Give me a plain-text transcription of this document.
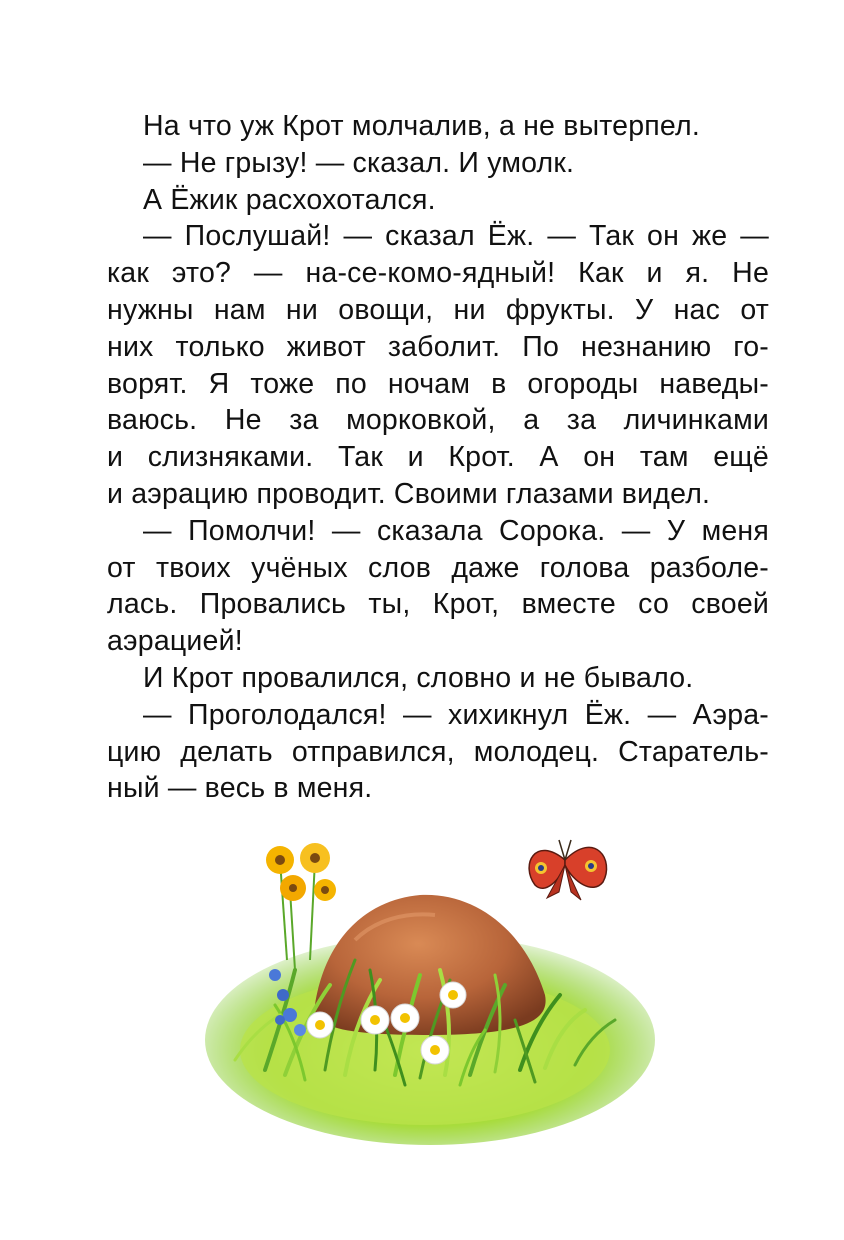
На что уж Крот молчалив, а не вытерпел.
— Не грызу! — сказал. И умолк.
А Ёжик расхохотался.
— Послушай! — сказал Ёж. — Так он же —
как это? — на-се-комо-ядный! Как и я. Не
нужны нам ни овощи, ни фрукты. У нас от
них только живот заболит. По незнанию го-
ворят. Я тоже по ночам в огороды наведы-
ваюсь. Не за морковкой, а за личинками
и слизняками. Так и Крот. А он там ещё
и аэрацию проводит. Своими глазами видел.
— Помолчи! — сказала Сорока. — У меня
от твоих учёных слов даже голова разболе-
лась. Провались ты, Крот, вместе со своей
аэрацией!
И Крот провалился, словно и не бывало.
— Проголодался! — хихикнул Ёж. — Аэра-
цию делать отправился, молодец. Старатель-
ный — весь в меня.
